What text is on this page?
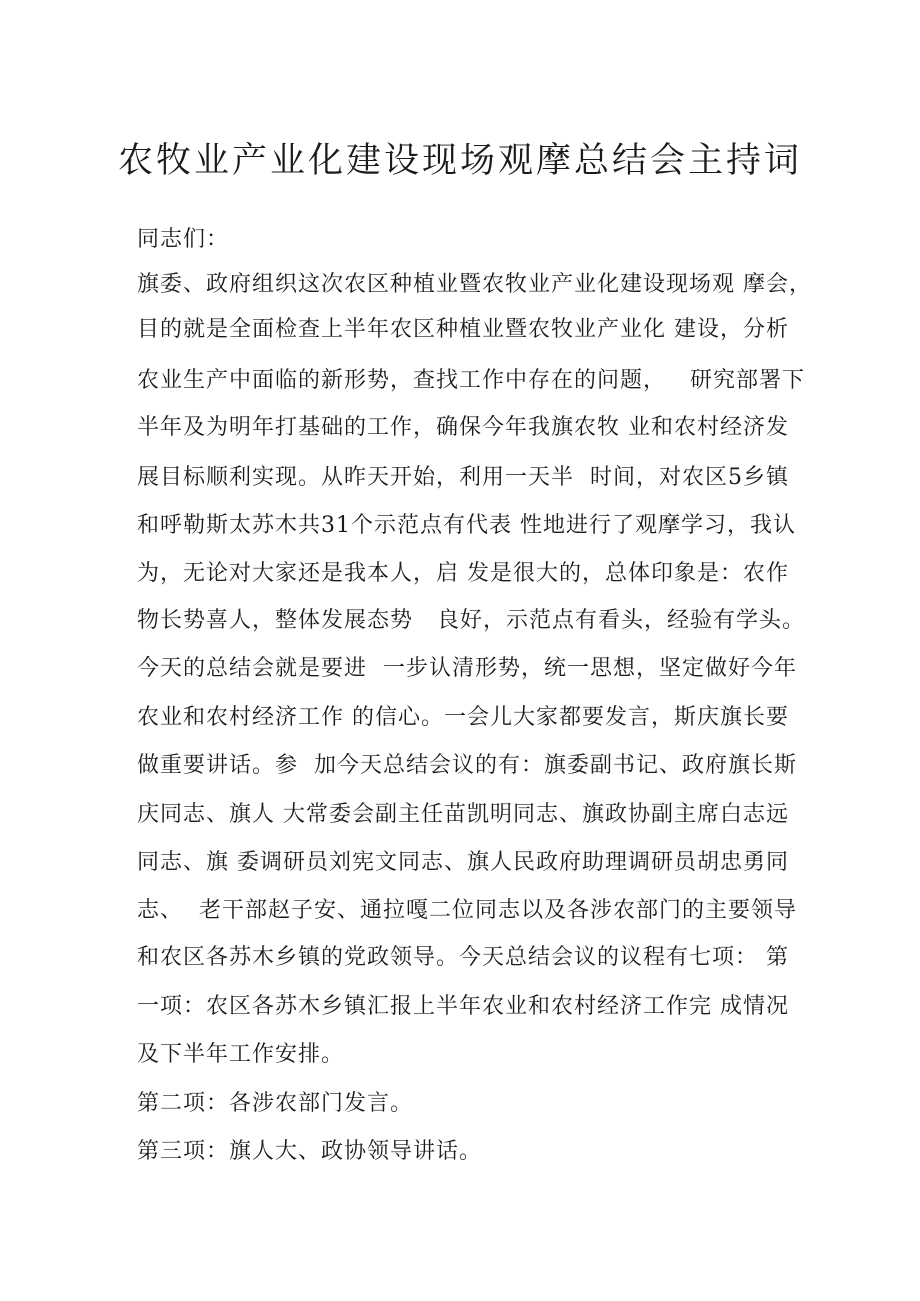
农牧业产业化建设现场观摩总结会主持词
同志们：
旗委、政府组织这次农区种植业暨农牧业产业化建设现场观 摩会，
目的就是全面检查上半年农区种植业暨农牧业产业化 建设，分析
农业生产中面临的新形势，查找工作中存在的问题，   研究部署下
半年及为明年打基础的工作，确保今年我旗农牧 业和农村经济发
展目标顺利实现。从昨天开始，利用一天半  时间，对农区5乡镇
和呼勒斯太苏木共31个示范点有代表 性地进行了观摩学习，我认
为，无论对大家还是我本人，启 发是很大的，总体印象是：农作
物长势喜人，整体发展态势   良好，示范点有看头，经验有学头。
今天的总结会就是要进  一步认清形势，统一思想，坚定做好今年
农业和农村经济工作 的信心。一会儿大家都要发言，斯庆旗长要
做重要讲话。参  加今天总结会议的有：旗委副书记、政府旗长斯
庆同志、旗人 大常委会副主任苗凯明同志、旗政协副主席白志远
同志、旗 委调研员刘宪文同志、旗人民政府助理调研员胡忠勇同
志、  老干部赵子安、通拉嘎二位同志以及各涉农部门的主要领导
和农区各苏木乡镇的党政领导。今天总结会议的议程有七项： 第
一项：农区各苏木乡镇汇报上半年农业和农村经济工作完 成情况
及下半年工作安排。
第二项：各涉农部门发言。
第三项：旗人大、政协领导讲话。
